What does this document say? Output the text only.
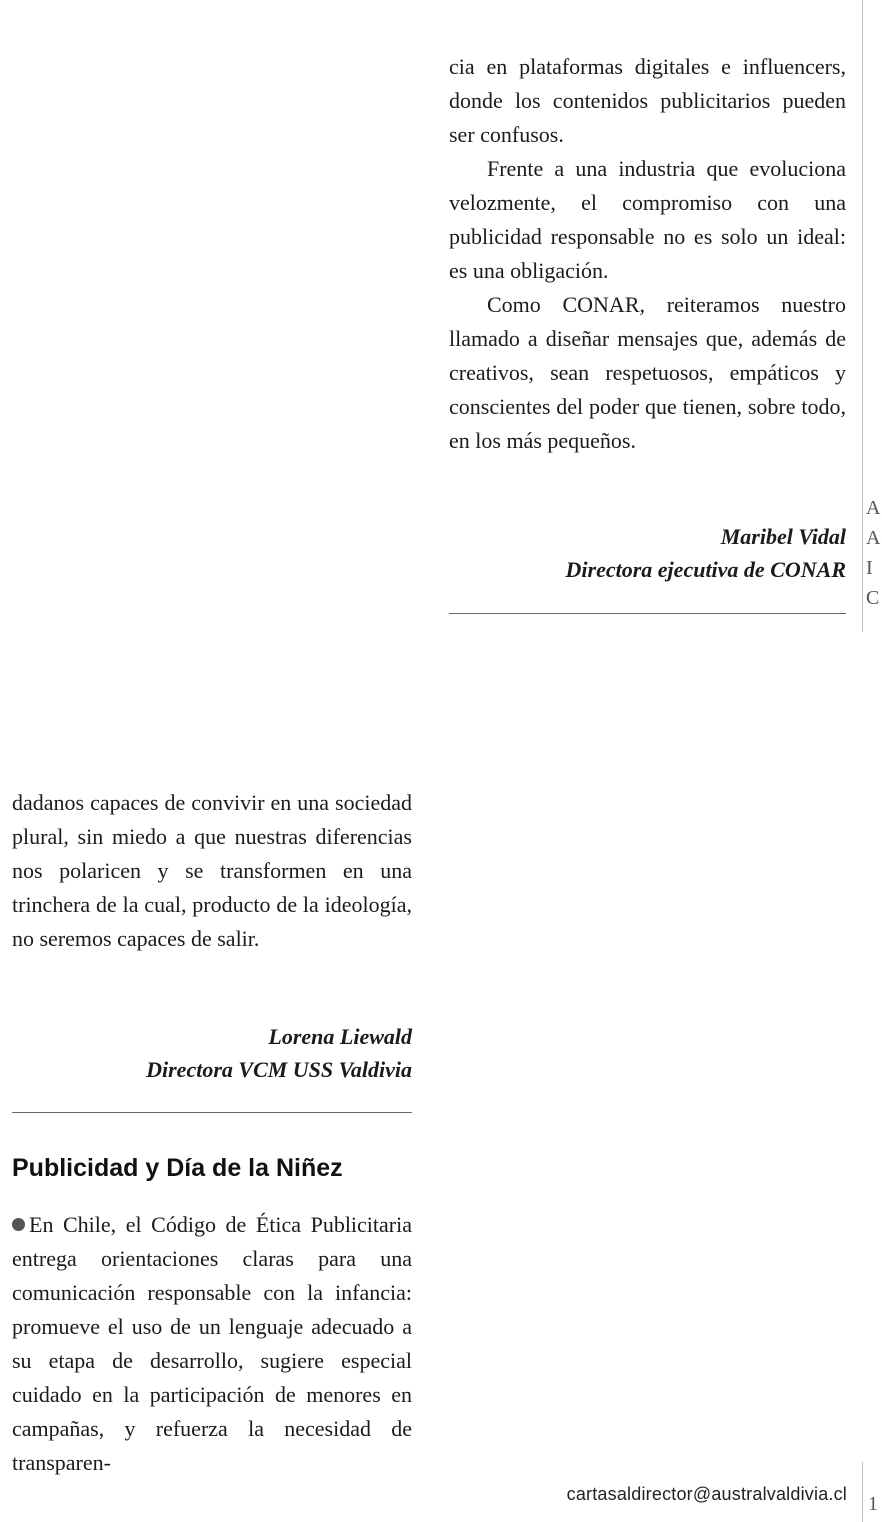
cia en plataformas digitales e influencers, donde los contenidos publicitarios pueden ser confusos.

Frente a una industria que evoluciona velozmente, el compromiso con una publicidad responsable no es solo un ideal: es una obligación.

Como CONAR, reiteramos nuestro llamado a diseñar mensajes que, además de creativos, sean respetuosos, empáticos y conscientes del poder que tienen, sobre todo, en los más pequeños.

Maribel Vidal
Directora ejecutiva de CONAR

dadanos capaces de convivir en una sociedad plural, sin miedo a que nuestras diferencias nos polaricen y se transformen en una trinchera de la cual, producto de la ideología, no seremos capaces de salir.

Lorena Liewald
Directora VCM USS Valdivia
Publicidad y Día de la Niñez

En Chile, el Código de Ética Publicitaria entrega orientaciones claras para una comunicación responsable con la infancia: promueve el uso de un lenguaje adecuado a su etapa de desarrollo, sugiere especial cuidado en la participación de menores en campañas, y refuerza la necesidad de transparen-

cartasaldirector@australvaldivia.cl
A
A
I
C
1
